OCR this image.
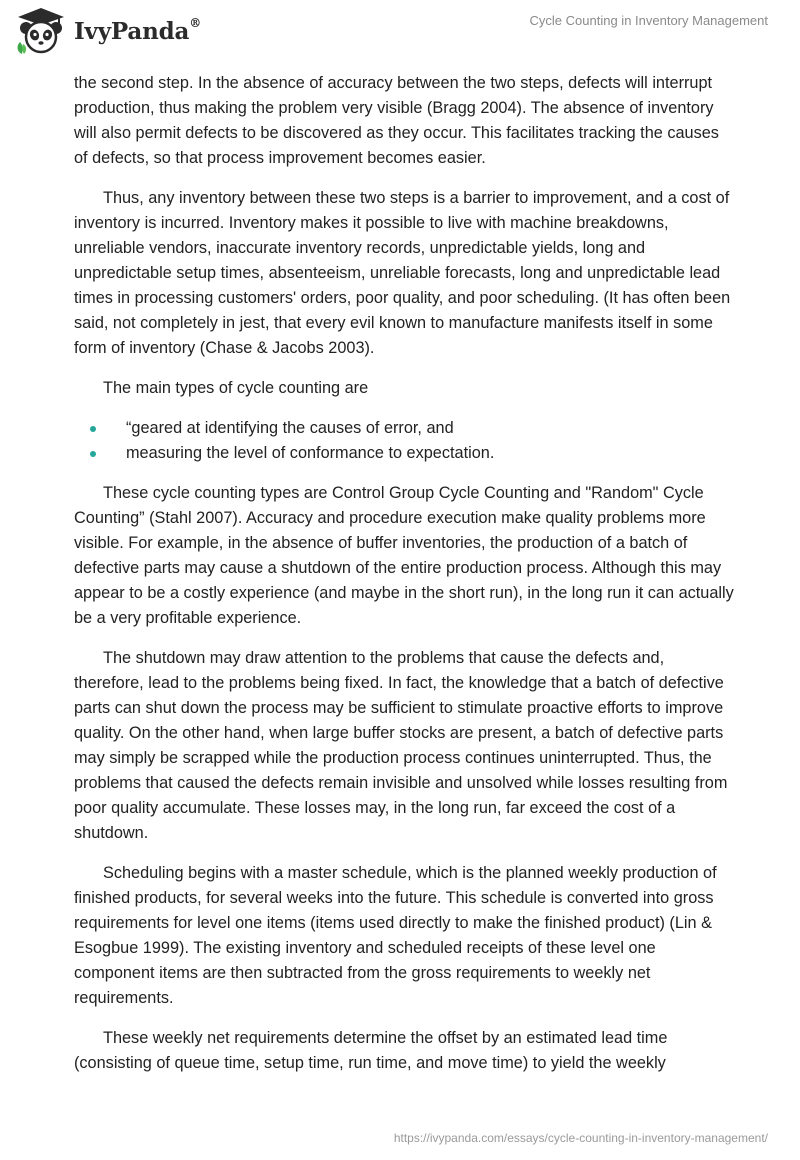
IvyPanda®	Cycle Counting in Inventory Management

the second step. In the absence of accuracy between the two steps, defects will interrupt production, thus making the problem very visible (Bragg 2004). The absence of inventory will also permit defects to be discovered as they occur. This facilitates tracking the causes of defects, so that process improvement becomes easier.

Thus, any inventory between these two steps is a barrier to improvement, and a cost of inventory is incurred. Inventory makes it possible to live with machine breakdowns, unreliable vendors, inaccurate inventory records, unpredictable yields, long and unpredictable setup times, absenteeism, unreliable forecasts, long and unpredictable lead times in processing customers' orders, poor quality, and poor scheduling. (It has often been said, not completely in jest, that every evil known to manufacture manifests itself in some form of inventory (Chase & Jacobs 2003).

The main types of cycle counting are

“geared at identifying the causes of error, and
measuring the level of conformance to expectation.

These cycle counting types are Control Group Cycle Counting and "Random" Cycle Counting” (Stahl 2007). Accuracy and procedure execution make quality problems more visible. For example, in the absence of buffer inventories, the production of a batch of defective parts may cause a shutdown of the entire production process. Although this may appear to be a costly experience (and maybe in the short run), in the long run it can actually be a very profitable experience.

The shutdown may draw attention to the problems that cause the defects and, therefore, lead to the problems being fixed. In fact, the knowledge that a batch of defective parts can shut down the process may be sufficient to stimulate proactive efforts to improve quality. On the other hand, when large buffer stocks are present, a batch of defective parts may simply be scrapped while the production process continues uninterrupted. Thus, the problems that caused the defects remain invisible and unsolved while losses resulting from poor quality accumulate. These losses may, in the long run, far exceed the cost of a shutdown.

Scheduling begins with a master schedule, which is the planned weekly production of finished products, for several weeks into the future. This schedule is converted into gross requirements for level one items (items used directly to make the finished product) (Lin & Esogbue 1999). The existing inventory and scheduled receipts of these level one component items are then subtracted from the gross requirements to weekly net requirements.

These weekly net requirements determine the offset by an estimated lead time (consisting of queue time, setup time, run time, and move time) to yield the weekly

https://ivypanda.com/essays/cycle-counting-in-inventory-management/
